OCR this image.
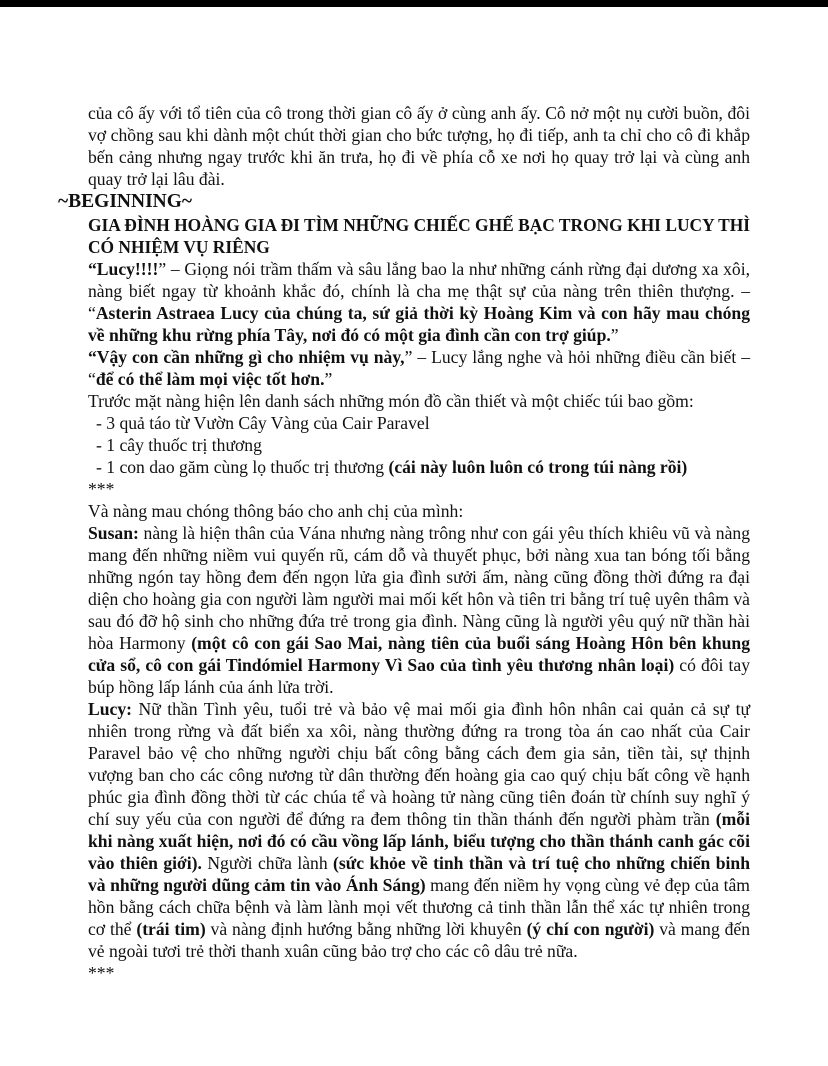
của cô ấy với tổ tiên của cô trong thời gian cô ấy ở cùng anh ấy. Cô nở một nụ cười buồn, đôi vợ chồng sau khi dành một chút thời gian cho bức tượng, họ đi tiếp, anh ta chỉ cho cô đi khắp bến cảng nhưng ngay trước khi ăn trưa, họ đi về phía cỗ xe nơi họ quay trở lại và cùng anh quay trở lại lâu đài.

~BEGINNING~

GIA ĐÌNH HOÀNG GIA ĐI TÌM NHỮNG CHIẾC GHẾ BẠC TRONG KHI LUCY THÌ CÓ NHIỆM VỤ RIÊNG

“Lucy!!!!” – Giọng nói trầm thấm và sâu lắng bao la như những cánh rừng đại dương xa xôi, nàng biết ngay từ khoảnh khắc đó, chính là cha mẹ thật sự của nàng trên thiên thượng. – “Asterin Astraea Lucy của chúng ta, sứ giả thời kỳ Hoàng Kim và con hãy mau chóng về những khu rừng phía Tây, nơi đó có một gia đình cần con trợ giúp.”

“Vậy con cần những gì cho nhiệm vụ này,” – Lucy lắng nghe và hỏi những điều cần biết – “để có thể làm mọi việc tốt hơn.”

Trước mặt nàng hiện lên danh sách những món đồ cần thiết và một chiếc túi bao gồm:

- 3 quả táo từ Vườn Cây Vàng của Cair Paravel
- 1 cây thuốc trị thương
- 1 con dao găm cùng lọ thuốc trị thương (cái này luôn luôn có trong túi nàng rồi)

***

Và nàng mau chóng thông báo cho anh chị của mình:

Susan: nàng là hiện thân của Vána nhưng nàng trông như con gái yêu thích khiêu vũ và nàng mang đến những niềm vui quyến rũ, cám dỗ và thuyết phục, bởi nàng xua tan bóng tối bằng những ngón tay hồng đem đến ngọn lửa gia đình sưởi ấm, nàng cũng đồng thời đứng ra đại diện cho hoàng gia con người làm người mai mối kết hôn và tiên tri bằng trí tuệ uyên thâm và sau đó đỡ hộ sinh cho những đứa trẻ trong gia đình. Nàng cũng là người yêu quý nữ thần hài hòa Harmony (một cô con gái Sao Mai, nàng tiên của buổi sáng Hoàng Hôn bên khung cửa sổ, cô con gái Tindómiel Harmony Vì Sao của tình yêu thương nhân loại) có đôi tay búp hồng lấp lánh của ánh lửa trời.

Lucy: Nữ thần Tình yêu, tuổi trẻ và bảo vệ mai mối gia đình hôn nhân cai quản cả sự tự nhiên trong rừng và đất biển xa xôi, nàng thường đứng ra trong tòa án cao nhất của Cair Paravel bảo vệ cho những người chịu bất công bằng cách đem gia sản, tiền tài, sự thịnh vượng ban cho các công nương từ dân thường đến hoàng gia cao quý chịu bất công về hạnh phúc gia đình đồng thời từ các chúa tể và hoàng tử nàng cũng tiên đoán từ chính suy nghĩ ý chí suy yếu của con người để đứng ra đem thông tin thần thánh đến người phàm trần (mỗi khi nàng xuất hiện, nơi đó có cầu vồng lấp lánh, biểu tượng cho thần thánh canh gác cõi vào thiên giới). Người chữa lành (sức khỏe về tinh thần và trí tuệ cho những chiến binh và những người dũng cảm tin vào Ánh Sáng) mang đến niềm hy vọng cùng vẻ đẹp của tâm hồn bằng cách chữa bệnh và làm lành mọi vết thương cả tinh thần lẫn thể xác tự nhiên trong cơ thể (trái tim) và nàng định hướng bằng những lời khuyên (ý chí con người) và mang đến vẻ ngoài tươi trẻ thời thanh xuân cũng bảo trợ cho các cô dâu trẻ nữa.

***
